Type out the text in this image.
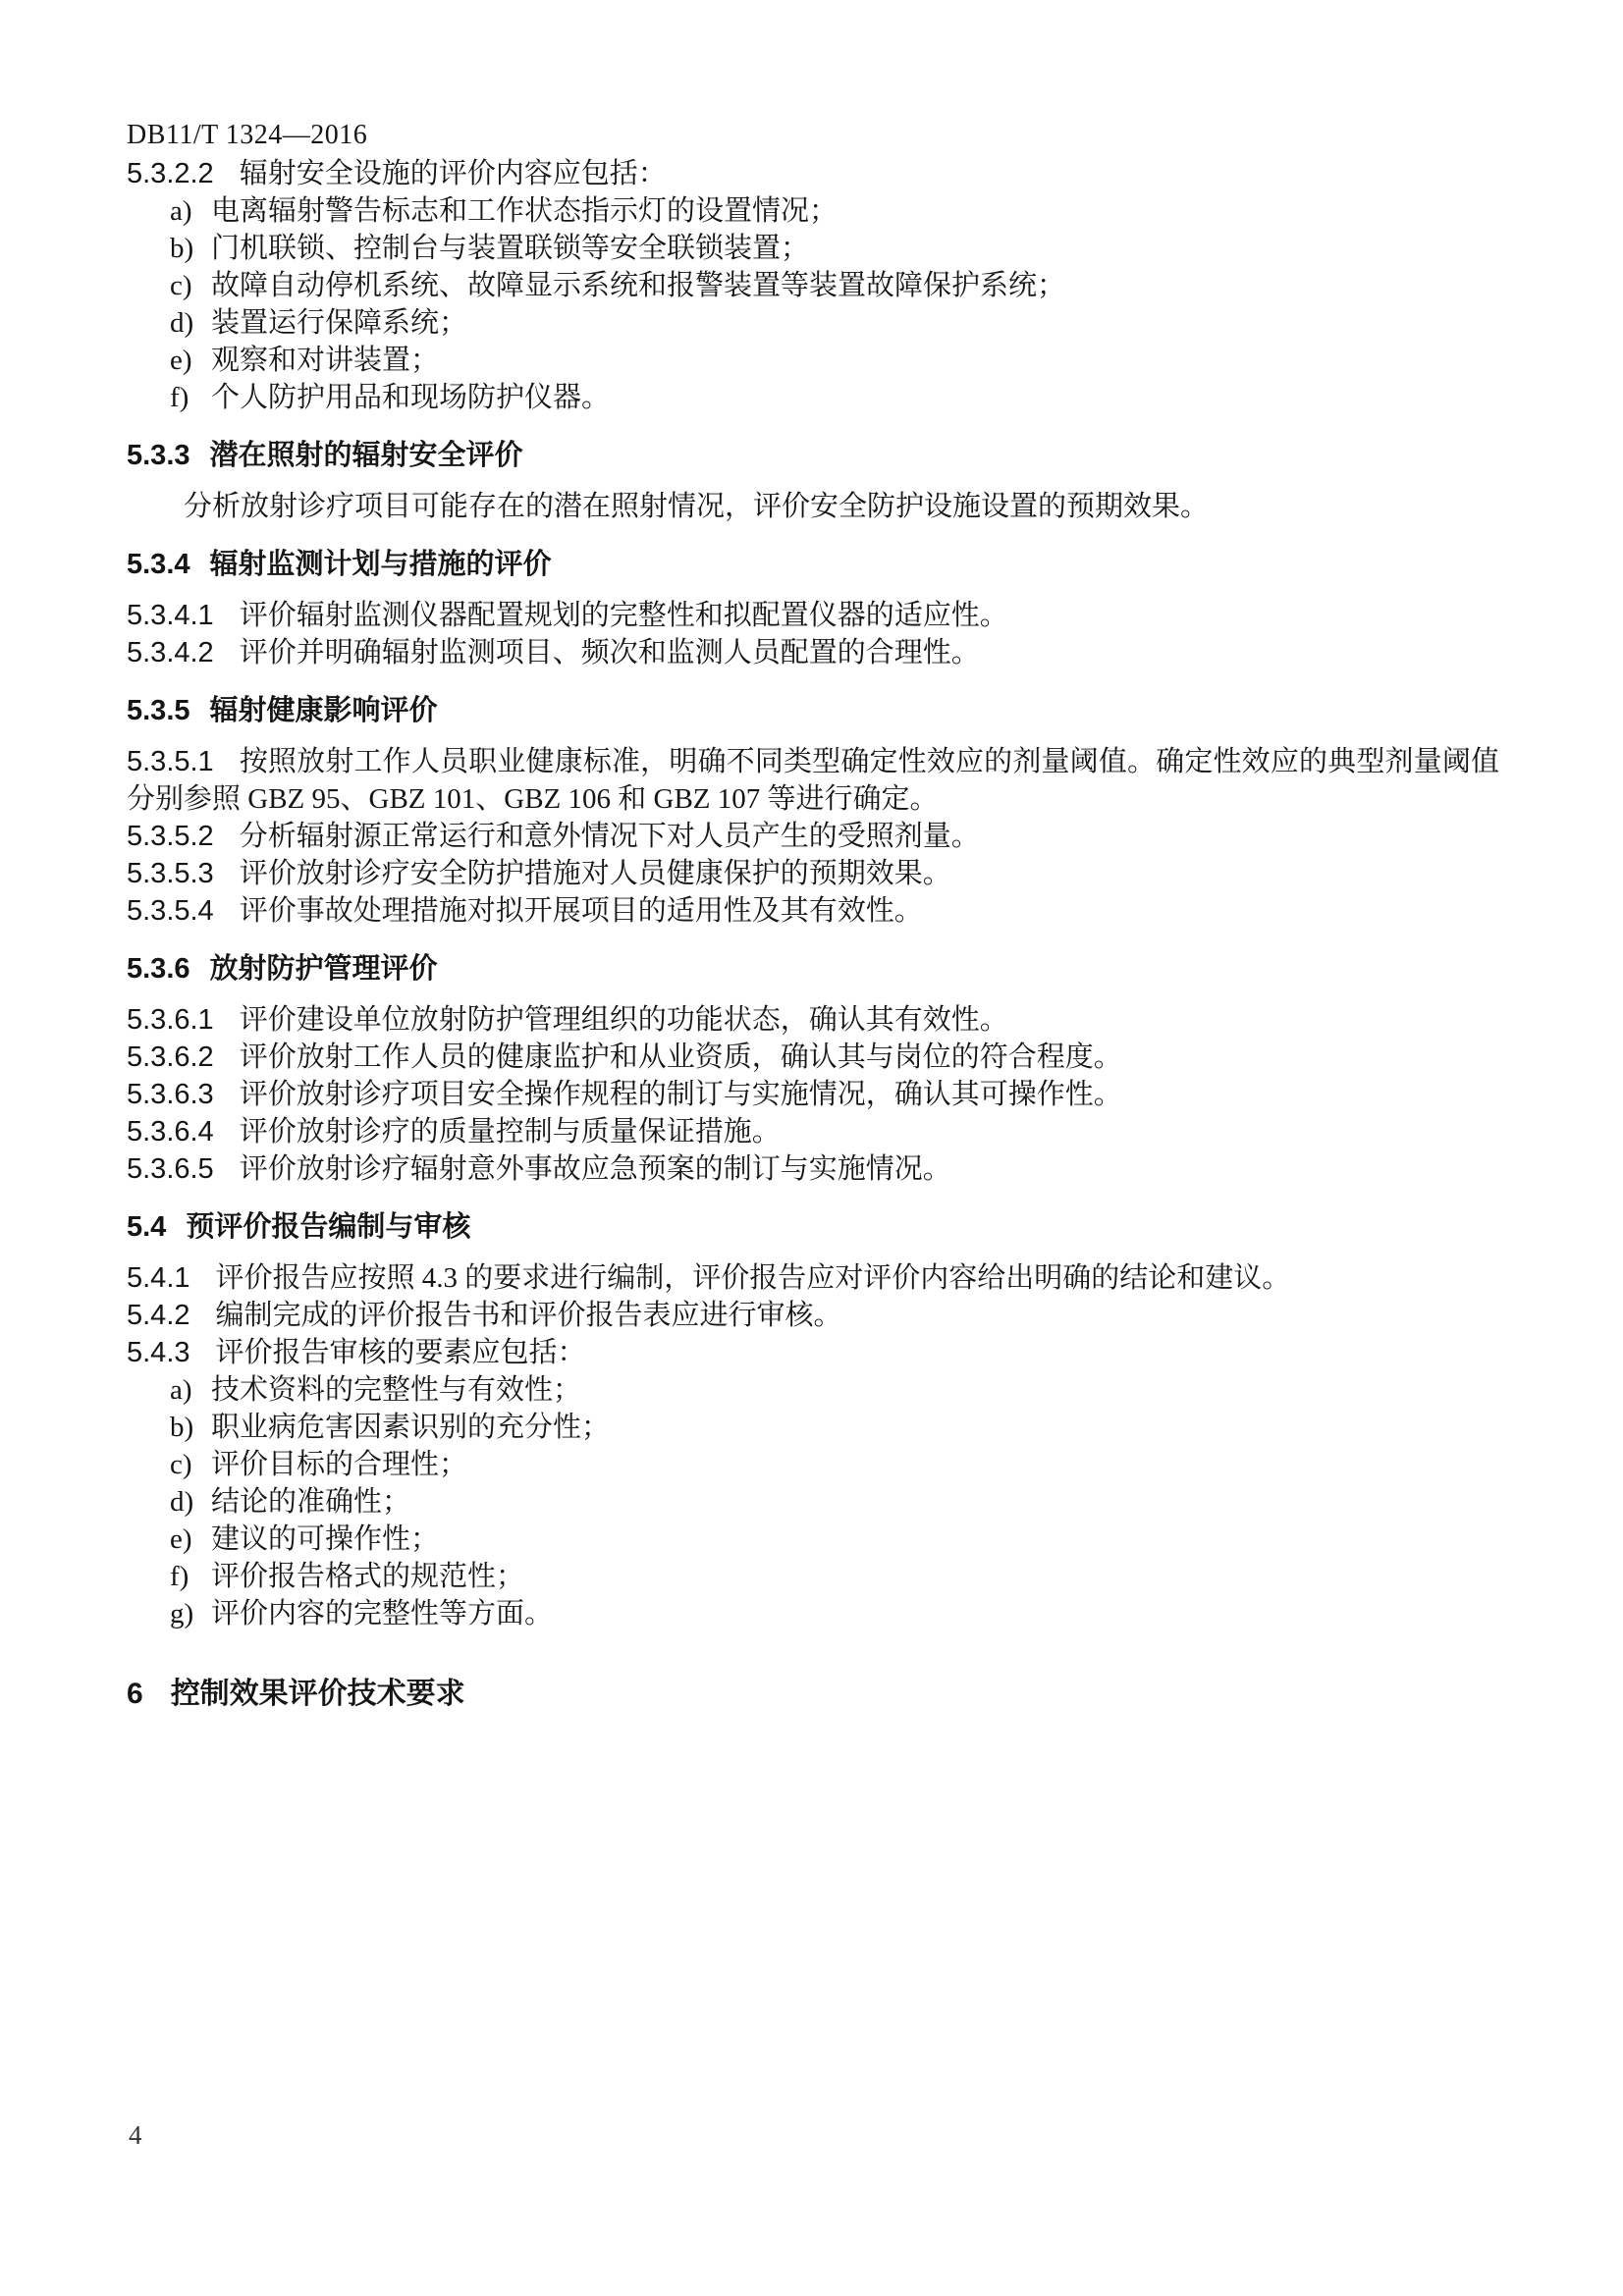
DB11/T 1324—2016

5.3.2.2 辐射安全设施的评价内容应包括：

a) 电离辐射警告标志和工作状态指示灯的设置情况；

b) 门机联锁、控制台与装置联锁等安全联锁装置；

c) 故障自动停机系统、故障显示系统和报警装置等装置故障保护系统；

d) 装置运行保障系统；

e) 观察和对讲装置；

f) 个人防护用品和现场防护仪器。

5.3.3 潜在照射的辐射安全评价

分析放射诊疗项目可能存在的潜在照射情况，评价安全防护设施设置的预期效果。

5.3.4 辐射监测计划与措施的评价

5.3.4.1 评价辐射监测仪器配置规划的完整性和拟配置仪器的适应性。

5.3.4.2 评价并明确辐射监测项目、频次和监测人员配置的合理性。

5.3.5 辐射健康影响评价

5.3.5.1 按照放射工作人员职业健康标准，明确不同类型确定性效应的剂量阈值。确定性效应的典型剂量阈值分别参照 GBZ 95、GBZ 101、GBZ 106 和 GBZ 107 等进行确定。

5.3.5.2 分析辐射源正常运行和意外情况下对人员产生的受照剂量。

5.3.5.3 评价放射诊疗安全防护措施对人员健康保护的预期效果。

5.3.5.4 评价事故处理措施对拟开展项目的适用性及其有效性。

5.3.6 放射防护管理评价

5.3.6.1 评价建设单位放射防护管理组织的功能状态，确认其有效性。

5.3.6.2 评价放射工作人员的健康监护和从业资质，确认其与岗位的符合程度。

5.3.6.3 评价放射诊疗项目安全操作规程的制订与实施情况，确认其可操作性。

5.3.6.4 评价放射诊疗的质量控制与质量保证措施。

5.3.6.5 评价放射诊疗辐射意外事故应急预案的制订与实施情况。

5.4 预评价报告编制与审核

5.4.1 评价报告应按照 4.3 的要求进行编制，评价报告应对评价内容给出明确的结论和建议。

5.4.2 编制完成的评价报告书和评价报告表应进行审核。

5.4.3 评价报告审核的要素应包括：

a) 技术资料的完整性与有效性；

b) 职业病危害因素识别的充分性；

c) 评价目标的合理性；

d) 结论的准确性；

e) 建议的可操作性；

f) 评价报告格式的规范性；

g) 评价内容的完整性等方面。

6 控制效果评价技术要求
4
